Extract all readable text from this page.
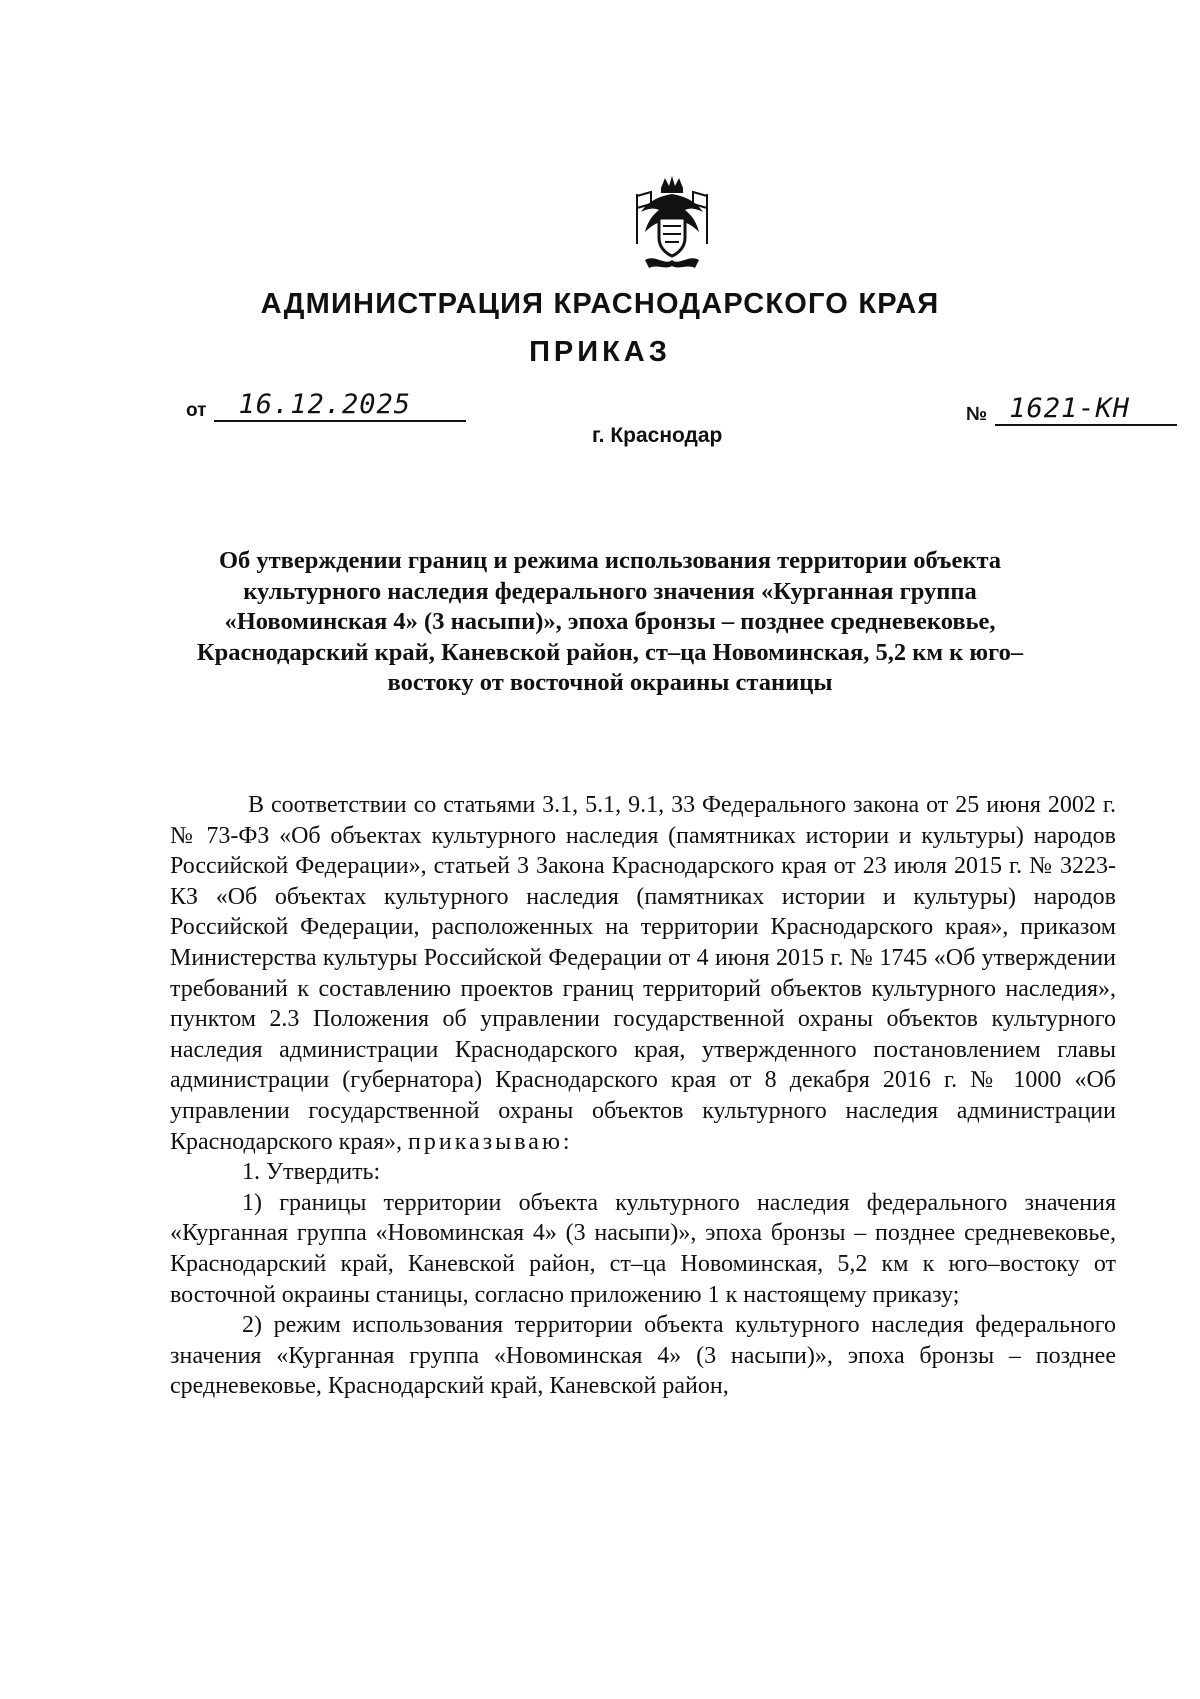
АДМИНИСТРАЦИЯ КРАСНОДАРСКОГО КРАЯ
ПРИКАЗ
от	16.12.2025	№ 1621-КН
г. Краснодар
Об утверждении границ и режима использования территории объекта культурного наследия федерального значения «Курганная группа «Новоминская 4» (3 насыпи)», эпоха бронзы – позднее средневековье, Краснодарский край, Каневской район, ст–ца Новоминская, 5,2 км к юго–востоку от восточной окраины станицы

В соответствии со статьями 3.1, 5.1, 9.1, 33 Федерального закона от 25 июня 2002 г. № 73-ФЗ «Об объектах культурного наследия (памятниках истории и культуры) народов Российской Федерации», статьей 3 Закона Краснодарского края от 23 июля 2015 г. № 3223-КЗ «Об объектах культурного наследия (памятниках истории и культуры) народов Российской Федерации, расположенных на территории Краснодарского края», приказом Министерства культуры Российской Федерации от 4 июня 2015 г. № 1745 «Об утверждении требований к составлению проектов границ территорий объектов культурного наследия», пунктом 2.3 Положения об управлении государственной охраны объектов культурного наследия администрации Краснодарского края, утвержденного постановлением главы администрации (губернатора) Краснодарского края от 8 декабря 2016 г. № 1000 «Об управлении государственной охраны объектов культурного наследия администрации Краснодарского края», приказываю:

1. Утвердить:

1) границы территории объекта культурного наследия федерального значения «Курганная группа «Новоминская 4» (3 насыпи)», эпоха бронзы – позднее средневековье, Краснодарский край, Каневской район, ст–ца Новоминская, 5,2 км к юго–востоку от восточной окраины станицы, согласно приложению 1 к настоящему приказу;

2) режим использования территории объекта культурного наследия федерального значения «Курганная группа «Новоминская 4» (3 насыпи)», эпоха бронзы – позднее средневековье, Краснодарский край, Каневской район,
